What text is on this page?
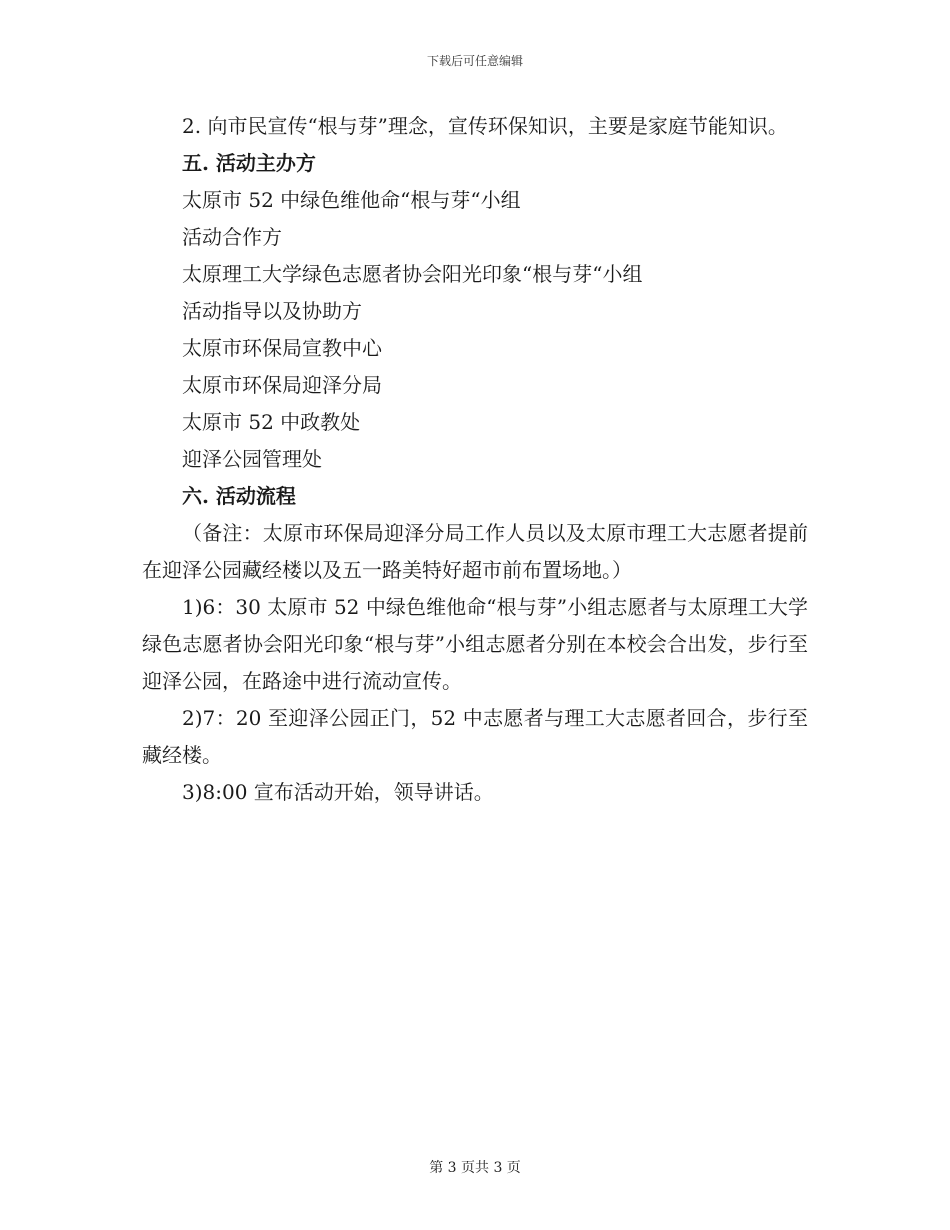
下载后可任意编辑

2. 向市民宣传“根与芽”理念，宣传环保知识，主要是家庭节能知识。

五. 活动主办方

太原市 52 中绿色维他命“根与芽“小组

活动合作方

太原理工大学绿色志愿者协会阳光印象“根与芽“小组

活动指导以及协助方

太原市环保局宣教中心

太原市环保局迎泽分局

太原市 52 中政教处

迎泽公园管理处

六. 活动流程

（备注：太原市环保局迎泽分局工作人员以及太原市理工大志愿者提前在迎泽公园藏经楼以及五一路美特好超市前布置场地。）

1)6：30 太原市 52 中绿色维他命“根与芽”小组志愿者与太原理工大学绿色志愿者协会阳光印象“根与芽”小组志愿者分别在本校会合出发，步行至迎泽公园，在路途中进行流动宣传。

2)7：20 至迎泽公园正门，52 中志愿者与理工大志愿者回合，步行至藏经楼。

3)8:00 宣布活动开始，领导讲话。

第 3 页共 3 页
